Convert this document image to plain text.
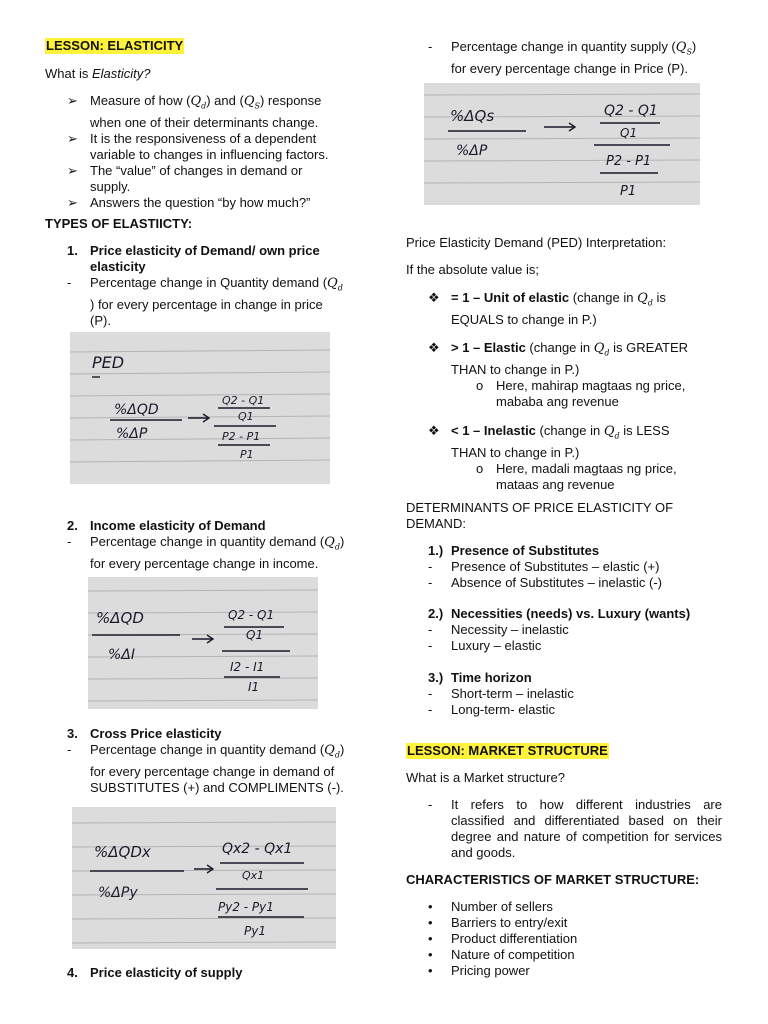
LESSON: ELASTICITY
What is Elasticity?
➢ Measure of how $(Q_d)$ and $(Q_S)$ response
when one of their determinants change.
➢ It is the responsiveness of a dependent
variable to changes in influencing factors.
➢ The “value” of changes in demand or
supply.
➢ Answers the question “by how much?”
TYPES OF ELASTIICTY:
1. Price elasticity of Demand/ own price
elasticity
- Percentage change in Quantity demand ($Q_d$
) for every percentage in change in price
(P).
PED
%ΔQD
%ΔP
Q2 - Q1
Q1
P2 - P1
P1
2. Income elasticity of Demand
- Percentage change in quantity demand $(Q_d)$
for every percentage change in income.
%ΔQD
%ΔI
Q2 - Q1
Q1
I2 - I1
I1
3. Cross Price elasticity
- Percentage change in quantity demand $(Q_d)$
for every percentage change in demand of
SUBSTITUTES (+) and COMPLIMENTS (-).
%ΔQDx
%ΔPy
Qx2 - Qx1
Qx1
Py2 - Py1
Py1
4. Price elasticity of supply
- Percentage change in quantity supply $(Q_S)$
for every percentage change in Price (P).
%ΔQs
%ΔP
Q2 - Q1
Q1
P2 - P1
P1
Price Elasticity Demand (PED) Interpretation:
If the absolute value is;
❖ = 1 – Unit of elastic (change in $Q_d$ is
EQUALS to change in P.)
❖ > 1 – Elastic (change in $Q_d$ is GREATER
THAN to change in P.)
o Here, mahirap magtaas ng price,
mababa ang revenue
❖ < 1 – Inelastic (change in $Q_d$ is LESS
THAN to change in P.)
o Here, madali magtaas ng price,
mataas ang revenue
DETERMINANTS OF PRICE ELASTICITY OF
DEMAND:
1.) Presence of Substitutes
- Presence of Substitutes – elastic (+)
- Absence of Substitutes – inelastic (-)
2.) Necessities (needs) vs. Luxury (wants)
- Necessity – inelastic
- Luxury – elastic
3.) Time horizon
- Short-term – inelastic
- Long-term- elastic
LESSON: MARKET STRUCTURE
What is a Market structure?
- It refers to how different industries are classified and differentiated based on their degree and nature of competition for services and goods.
CHARACTERISTICS OF MARKET STRUCTURE:
• Number of sellers
• Barriers to entry/exit
• Product differentiation
• Nature of competition
• Pricing power
